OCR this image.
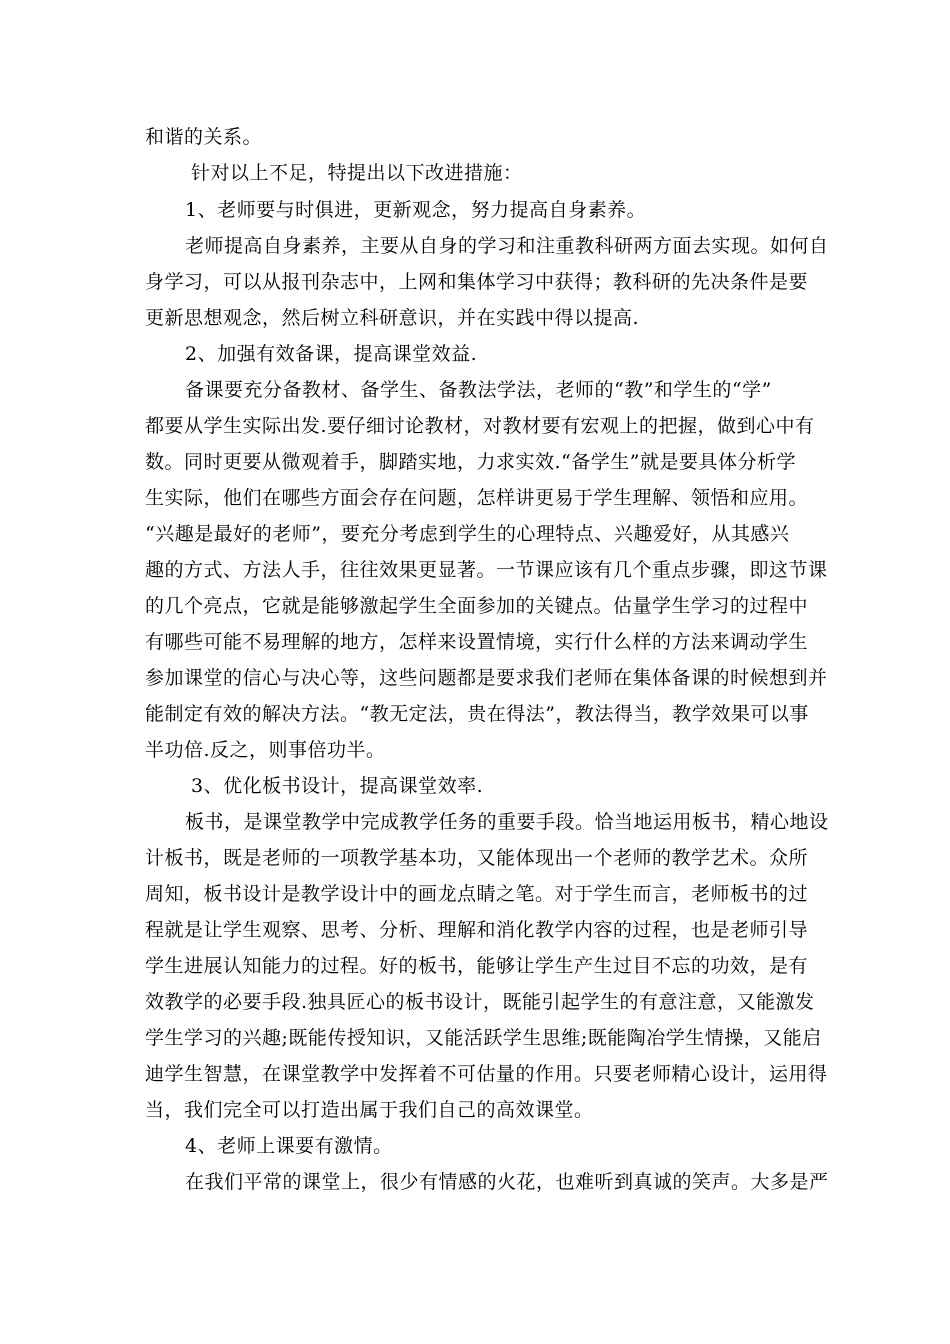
和谐的关系。
针对以上不足，特提出以下改进措施：
1、老师要与时俱进，更新观念，努力提高自身素养。
老师提高自身素养，主要从自身的学习和注重教科研两方面去实现。如何自
身学习，可以从报刊杂志中，上网和集体学习中获得；教科研的先决条件是要
更新思想观念，然后树立科研意识，并在实践中得以提高.
2、加强有效备课，提高课堂效益.
备课要充分备教材、备学生、备教法学法，老师的“教”和学生的“学”
都要从学生实际出发.要仔细讨论教材，对教材要有宏观上的把握，做到心中有
数。同时更要从微观着手，脚踏实地，力求实效.“备学生”就是要具体分析学
生实际，他们在哪些方面会存在问题，怎样讲更易于学生理解、领悟和应用。
“兴趣是最好的老师”，要充分考虑到学生的心理特点、兴趣爱好，从其感兴
趣的方式、方法人手，往往效果更显著。一节课应该有几个重点步骤，即这节课
的几个亮点，它就是能够激起学生全面参加的关键点。估量学生学习的过程中
有哪些可能不易理解的地方，怎样来设置情境，实行什么样的方法来调动学生
参加课堂的信心与决心等，这些问题都是要求我们老师在集体备课的时候想到并
能制定有效的解决方法。“教无定法，贵在得法”，教法得当，教学效果可以事
半功倍.反之，则事倍功半。
3、优化板书设计，提高课堂效率.
板书，是课堂教学中完成教学任务的重要手段。恰当地运用板书，精心地设
计板书，既是老师的一项教学基本功，又能体现出一个老师的教学艺术。众所
周知，板书设计是教学设计中的画龙点睛之笔。对于学生而言，老师板书的过
程就是让学生观察、思考、分析、理解和消化教学内容的过程，也是老师引导
学生进展认知能力的过程。好的板书，能够让学生产生过目不忘的功效，是有
效教学的必要手段.独具匠心的板书设计，既能引起学生的有意注意，又能激发
学生学习的兴趣;既能传授知识，又能活跃学生思维;既能陶冶学生情操，又能启
迪学生智慧，在课堂教学中发挥着不可估量的作用。只要老师精心设计，运用得
当，我们完全可以打造出属于我们自己的高效课堂。
4、老师上课要有激情。
在我们平常的课堂上，很少有情感的火花，也难听到真诚的笑声。大多是严
